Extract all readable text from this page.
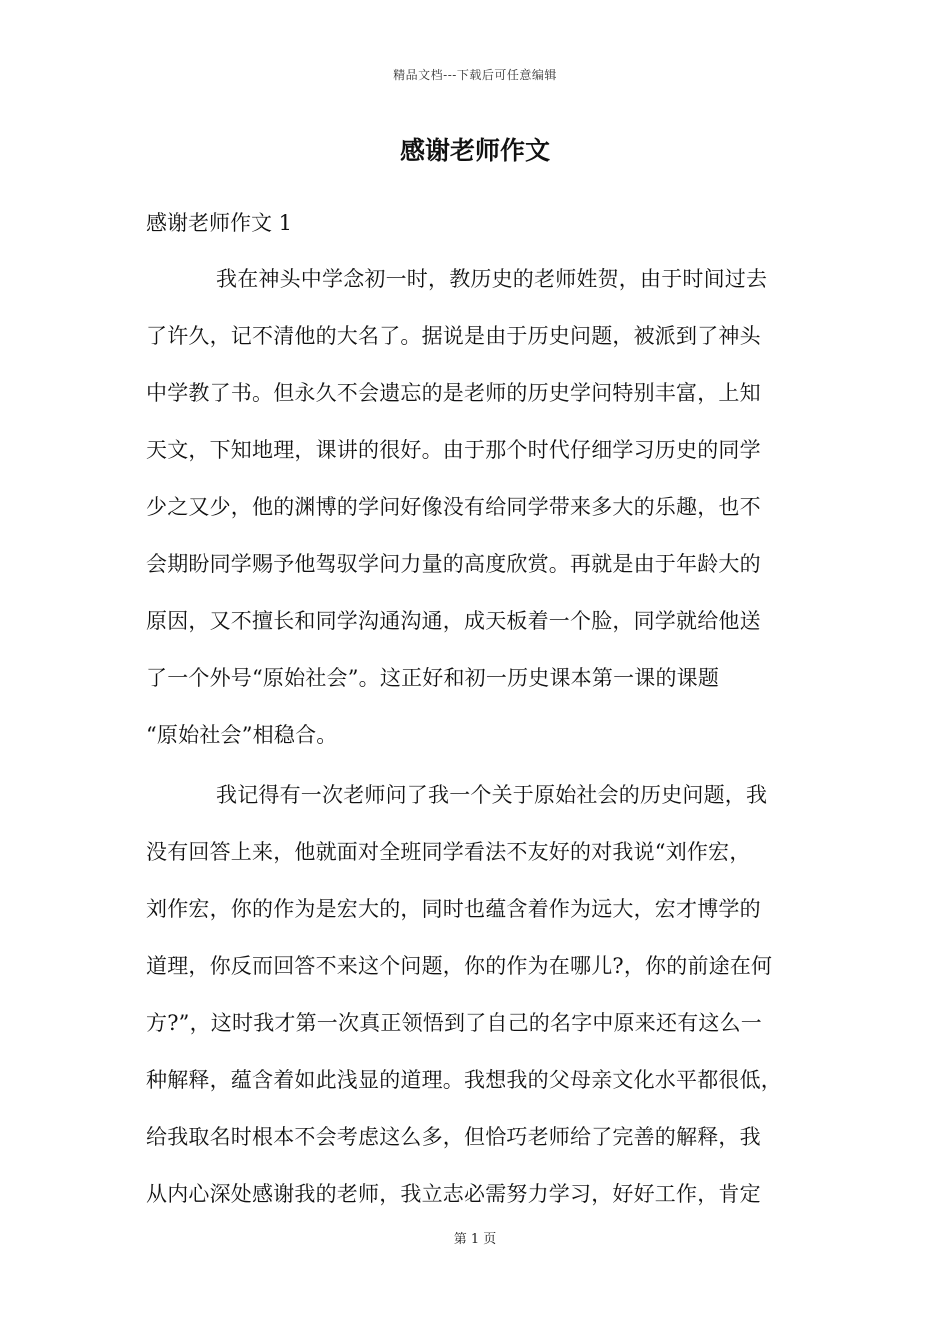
精品文档---下载后可任意编辑
感谢老师作文
感谢老师作文 1
我在神头中学念初一时，教历史的老师姓贺，由于时间过去
了许久，记不清他的大名了。据说是由于历史问题，被派到了神头
中学教了书。但永久不会遗忘的是老师的历史学问特别丰富，上知
天文，下知地理，课讲的很好。由于那个时代仔细学习历史的同学
少之又少，他的渊博的学问好像没有给同学带来多大的乐趣，也不
会期盼同学赐予他驾驭学问力量的高度欣赏。再就是由于年龄大的
原因，又不擅长和同学沟通沟通，成天板着一个脸，同学就给他送
了一个外号“原始社会”。这正好和初一历史课本第一课的课题
“原始社会”相稳合。
我记得有一次老师问了我一个关于原始社会的历史问题，我
没有回答上来，他就面对全班同学看法不友好的对我说“刘作宏，
刘作宏，你的作为是宏大的，同时也蕴含着作为远大，宏才博学的
道理，你反而回答不来这个问题，你的作为在哪儿?，你的前途在何
方?”，这时我才第一次真正领悟到了自己的名字中原来还有这么一
种解释，蕴含着如此浅显的道理。我想我的父母亲文化水平都很低，
给我取名时根本不会考虑这么多，但恰巧老师给了完善的解释，我
从内心深处感谢我的老师，我立志必需努力学习，好好工作，肯定
第 1 页
